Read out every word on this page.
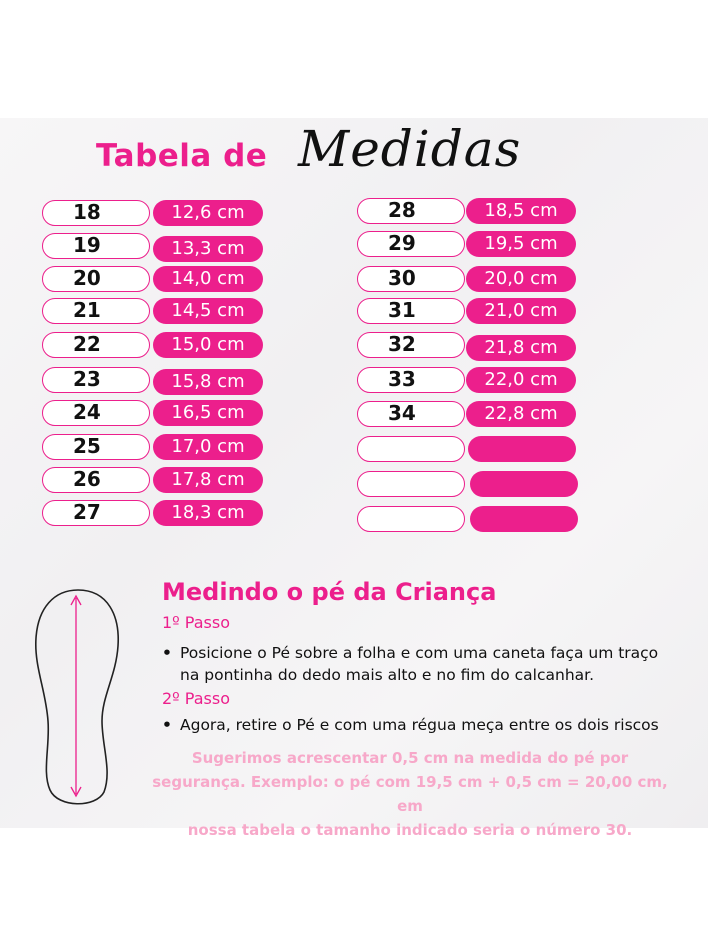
Tabela de Medidas
18	12,6 cm
19	13,3 cm
20	14,0 cm
21	14,5 cm
22	15,0 cm
23	15,8 cm
24	16,5 cm
25	17,0 cm
26	17,8 cm
27	18,3 cm
28	18,5 cm
29	19,5 cm
30	20,0 cm
31	21,0 cm
32	21,8 cm
33	22,0 cm
34	22,8 cm
Medindo o pé da Criança
1º Passo
• Posicione o Pé sobre a folha e com uma caneta faça um traço
na pontinha do dedo mais alto e no fim do calcanhar.
2º Passo
• Agora, retire o Pé e com uma régua meça entre os dois riscos
Sugerimos acrescentar 0,5 cm na medida do pé por
segurança. Exemplo: o pé com 19,5 cm + 0,5 cm = 20,00 cm, em
nossa tabela o tamanho indicado seria o número 30.
